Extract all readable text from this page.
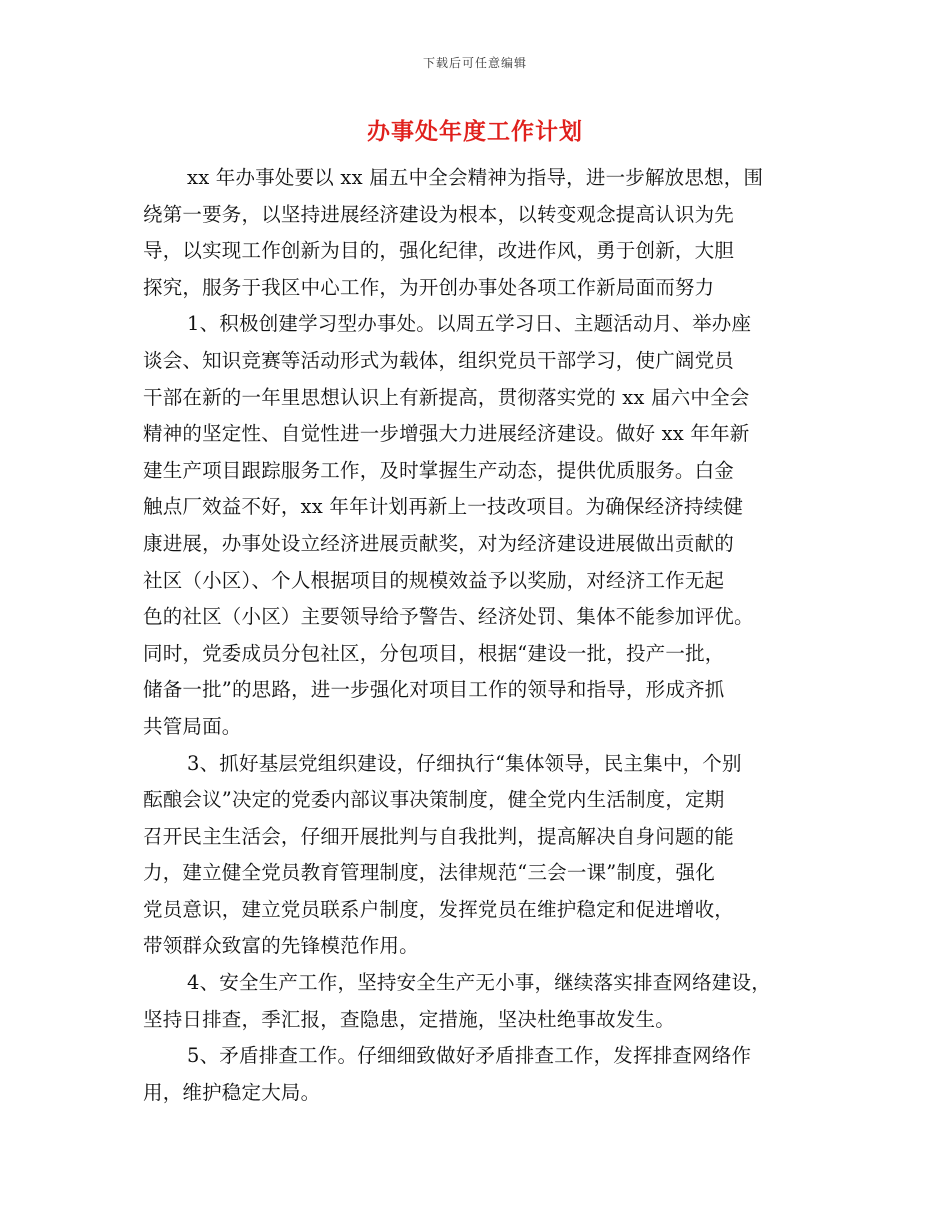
下载后可任意编辑
办事处年度工作计划
xx 年办事处要以 xx 届五中全会精神为指导，进一步解放思想，围
绕第一要务，以坚持进展经济建设为根本，以转变观念提高认识为先
导，以实现工作创新为目的，强化纪律，改进作风，勇于创新，大胆
探究，服务于我区中心工作，为开创办事处各项工作新局面而努力
1、积极创建学习型办事处。以周五学习日、主题活动月、举办座
谈会、知识竞赛等活动形式为载体，组织党员干部学习，使广阔党员
干部在新的一年里思想认识上有新提高，贯彻落实党的 xx 届六中全会
精神的坚定性、自觉性进一步增强大力进展经济建设。做好 xx 年年新
建生产项目跟踪服务工作，及时掌握生产动态，提供优质服务。白金
触点厂效益不好，xx 年年计划再新上一技改项目。为确保经济持续健
康进展，办事处设立经济进展贡献奖，对为经济建设进展做出贡献的
社区（小区）、个人根据项目的规模效益予以奖励，对经济工作无起
色的社区（小区）主要领导给予警告、经济处罚、集体不能参加评优。
同时，党委成员分包社区，分包项目，根据“建设一批，投产一批，
储备一批”的思路，进一步强化对项目工作的领导和指导，形成齐抓
共管局面。
3、抓好基层党组织建设，仔细执行“集体领导，民主集中，个别
酝酿会议”决定的党委内部议事决策制度，健全党内生活制度，定期
召开民主生活会，仔细开展批判与自我批判，提高解决自身问题的能
力，建立健全党员教育管理制度，法律规范“三会一课”制度，强化
党员意识，建立党员联系户制度，发挥党员在维护稳定和促进增收，
带领群众致富的先锋模范作用。
4、安全生产工作，坚持安全生产无小事，继续落实排查网络建设，
坚持日排查，季汇报，查隐患，定措施，坚决杜绝事故发生。
5、矛盾排查工作。仔细细致做好矛盾排查工作，发挥排查网络作
用，维护稳定大局。
